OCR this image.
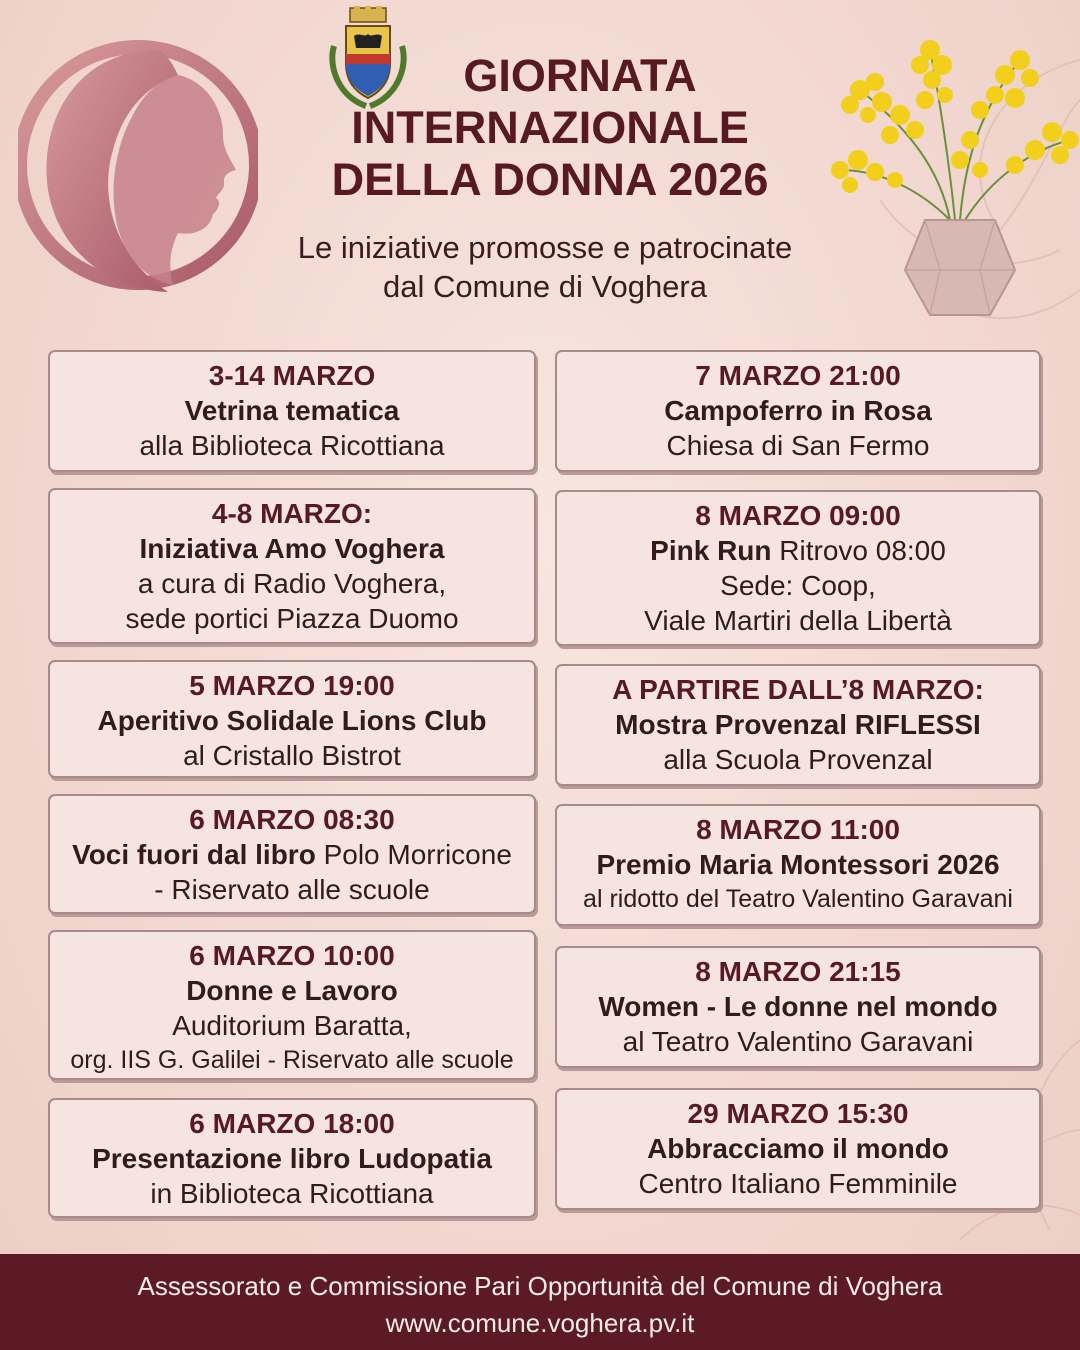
GIORNATA
INTERNAZIONALE
DELLA DONNA 2026

Le iniziative promosse e patrocinate
dal Comune di Voghera

3-14 MARZO
Vetrina tematica
alla Biblioteca Ricottiana
4-8 MARZO:
Iniziativa Amo Voghera
a cura di Radio Voghera,
sede portici Piazza Duomo
5 MARZO 19:00
Aperitivo Solidale Lions Club
al Cristallo Bistrot
6 MARZO 08:30
Voci fuori dal libro Polo Morricone
- Riservato alle scuole
6 MARZO 10:00
Donne e Lavoro
Auditorium Baratta,
org. IIS G. Galilei - Riservato alle scuole
6 MARZO 18:00
Presentazione libro Ludopatia
in Biblioteca Ricottiana
7 MARZO 21:00
Campoferro in Rosa
Chiesa di San Fermo
8 MARZO 09:00
Pink Run Ritrovo 08:00
Sede: Coop,
Viale Martiri della Libertà
A PARTIRE DALL’8 MARZO:
Mostra Provenzal RIFLESSI
alla Scuola Provenzal
8 MARZO 11:00
Premio Maria Montessori 2026
al ridotto del Teatro Valentino Garavani
8 MARZO 21:15
Women - Le donne nel mondo
al Teatro Valentino Garavani
29 MARZO 15:30
Abbracciamo il mondo
Centro Italiano Femminile
Assessorato e Commissione Pari Opportunità del Comune di Voghera
www.comune.voghera.pv.it
